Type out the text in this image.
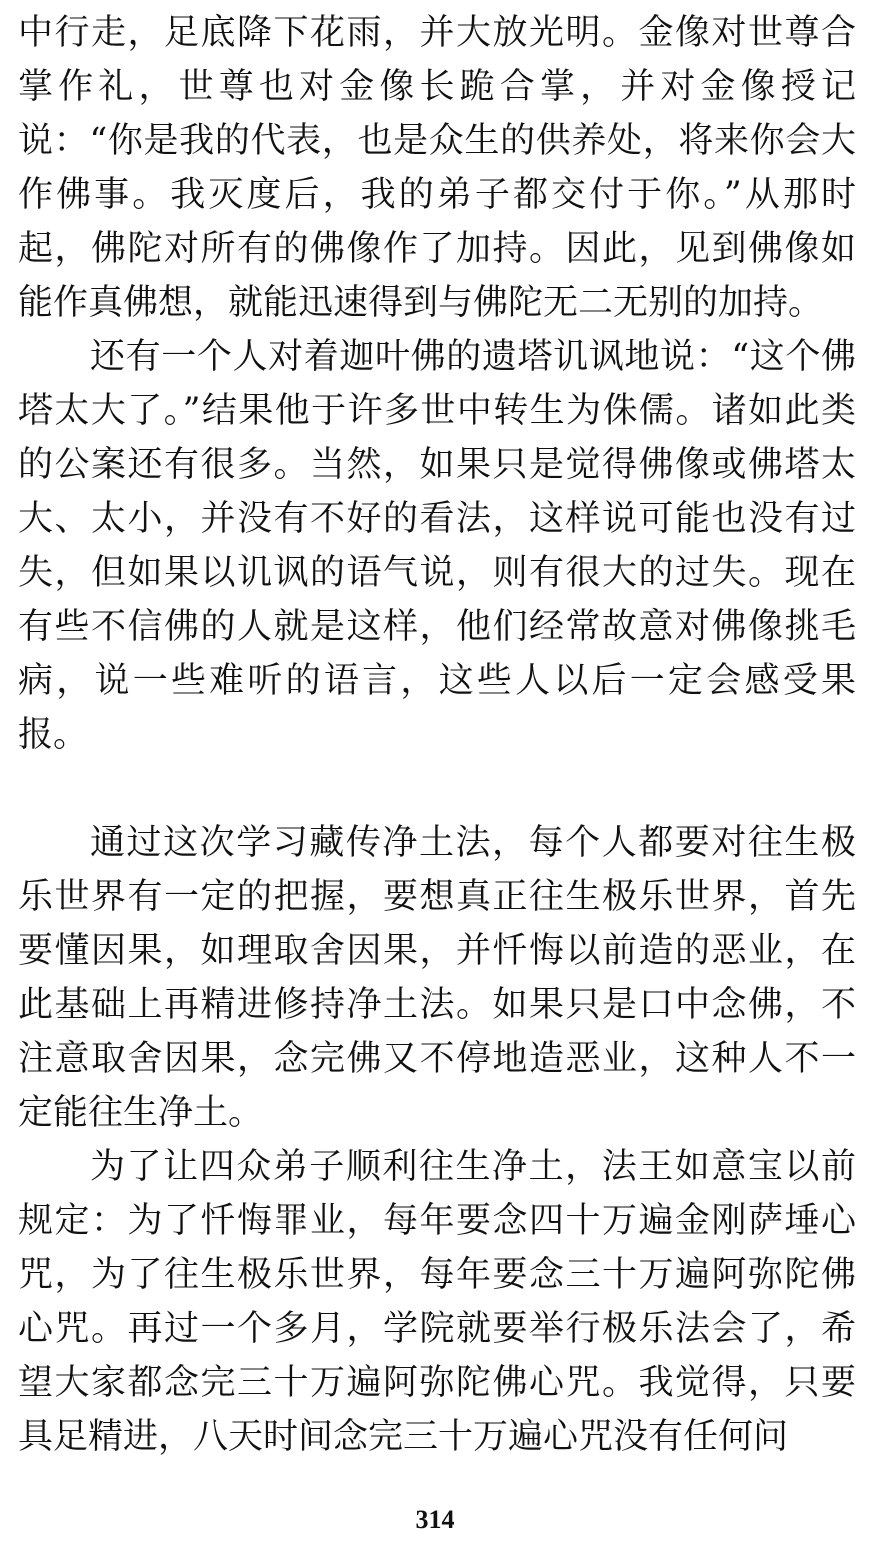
中行走，足底降下花雨，并大放光明。金像对世尊合掌作礼，世尊也对金像长跪合掌，并对金像授记说：“你是我的代表，也是众生的供养处，将来你会大作佛事。我灭度后，我的弟子都交付于你。”从那时起，佛陀对所有的佛像作了加持。因此，见到佛像如能作真佛想，就能迅速得到与佛陀无二无别的加持。

还有一个人对着迦叶佛的遗塔讥讽地说：“这个佛塔太大了。”结果他于许多世中转生为侏儒。诸如此类的公案还有很多。当然，如果只是觉得佛像或佛塔太大、太小，并没有不好的看法，这样说可能也没有过失，但如果以讥讽的语气说，则有很大的过失。现在有些不信佛的人就是这样，他们经常故意对佛像挑毛病，说一些难听的语言，这些人以后一定会感受果报。

通过这次学习藏传净土法，每个人都要对往生极乐世界有一定的把握，要想真正往生极乐世界，首先要懂因果，如理取舍因果，并忏悔以前造的恶业，在此基础上再精进修持净土法。如果只是口中念佛，不注意取舍因果，念完佛又不停地造恶业，这种人不一定能往生净土。

为了让四众弟子顺利往生净土，法王如意宝以前规定：为了忏悔罪业，每年要念四十万遍金刚萨埵心咒，为了往生极乐世界，每年要念三十万遍阿弥陀佛心咒。再过一个多月，学院就要举行极乐法会了，希望大家都念完三十万遍阿弥陀佛心咒。我觉得，只要具足精进，八天时间念完三十万遍心咒没有任何问

314
